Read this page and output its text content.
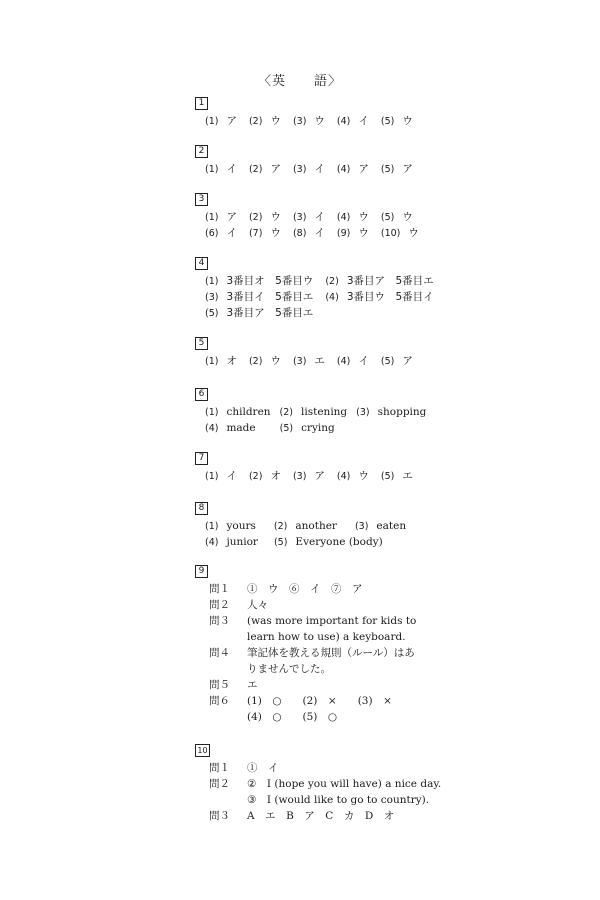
〈英　　語〉
1
(1) ア (2) ウ (3) ウ (4) イ (5) ウ
2
(1) イ (2) ア (3) イ (4) ア (5) ア
3
(1) ア (2) ウ (3) イ (4) ウ (5) ウ
(6) イ (7) ウ (8) イ (9) ウ (10) ウ
4
(1) 3番目オ　5番目ウ (2) 3番目ア　5番目エ
(3) 3番目イ　5番目エ (4) 3番目ウ　5番目イ
(5) 3番目ア　5番目エ
5
(1) オ (2) ウ (3) エ (4) イ (5) ア
6
(1) children (2) listening (3) shopping
(4) made	(5) crying
7
(1) イ (2) オ (3) ア (4) ウ (5) エ
8
(1) yours (2) another (3) eaten
(4) junior (5) Everyone (body)
9
問１	①　ウ　⑥　イ　⑦　ア
問２	人々
問３	(was more important for kids to
learn how to use) a keyboard.
問４	筆記体を教える規則（ルール）はあ
りませんでした。
問５	エ
問６	(1)　○　　(2)　×　　(3)　×
(4)　○　　(5)　○
10
問１	①　イ
問２	②　I (hope you will have) a nice day.
③　I (would like to go to country).
問３	A　エ　B　ア　C　カ　D　オ
